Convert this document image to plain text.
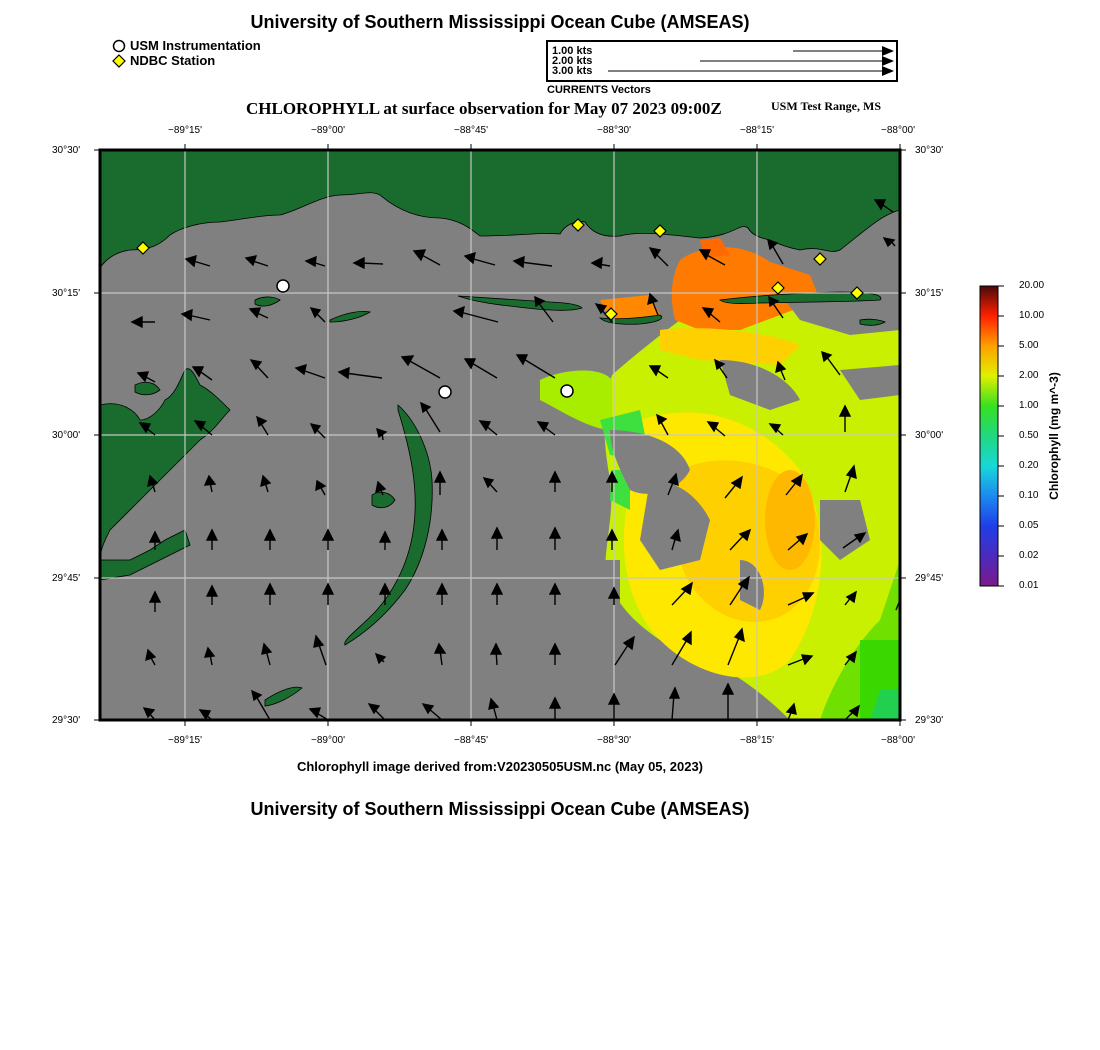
University of Southern Mississippi Ocean Cube (AMSEAS)
USM Instrumentation
NDBC Station
1.00 kts
2.00 kts
3.00 kts
CURRENTS Vectors
CHLOROPHYLL at surface observation for May 07 2023 09:00Z	USM Test Range, MS
−89°15'	−89°00'	−88°45'	−88°30'	−88°15'	−88°00'
−89°15'	−89°00'	−88°45'	−88°30'	−88°15'	−88°00'
30°30'
30°15'
30°00'
29°45'
29°30'
30°30'
30°15'
30°00'
29°45'
29°30'
20.00
10.00
5.00
2.00
1.00
0.50
0.20
0.10
0.05
0.02
0.01
Chlorophyll (mg m^-3)
Chlorophyll image derived from:V20230505USM.nc (May 05, 2023)
University of Southern Mississippi Ocean Cube (AMSEAS)
